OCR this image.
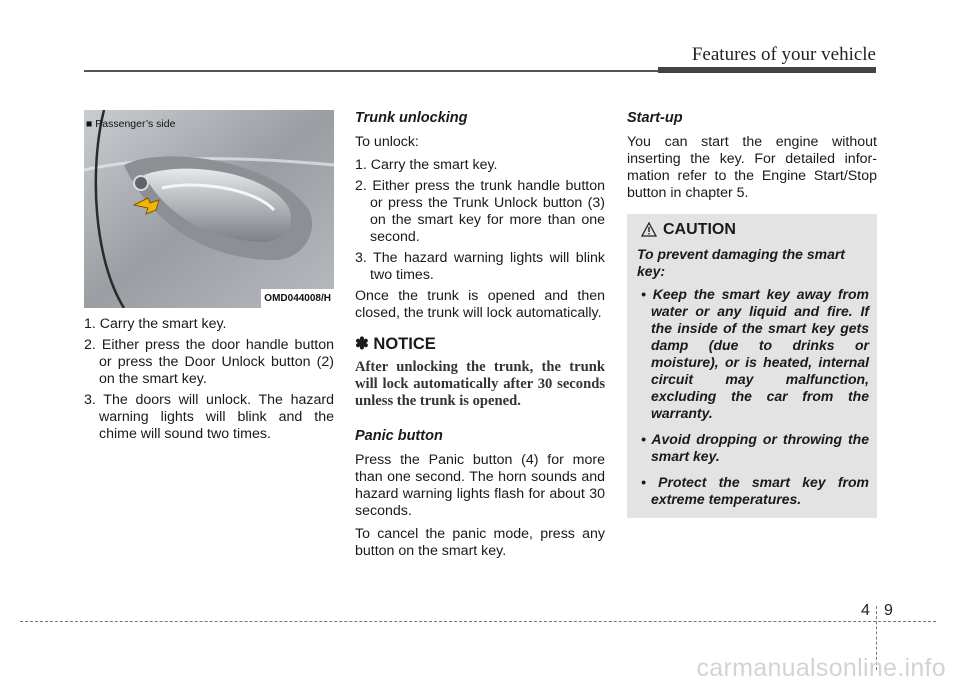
Features of your vehicle
■ Passenger’s side
OMD044008/H
1. Carry the smart key.
2. Either press the door handle button or press the Door Unlock button (2) on the smart key.
3. The doors will unlock. The hazard warning lights will blink and the chime will sound two times.
Trunk unlocking

To unlock:

1. Carry the smart key.
2. Either press the trunk handle button or press the Trunk Unlock button (3) on the smart key for more than one second.
3. The hazard warning lights will blink two times.

Once the trunk is opened and then closed, the trunk will lock automatically.

✽ NOTICE
After unlocking the trunk, the trunk will lock automatically after 30 seconds unless the trunk is opened.
Panic button

Press the Panic button (4) for more than one second. The horn sounds and hazard warning lights flash for about 30 seconds.

To cancel the panic mode, press any button on the smart key.

Start-up

You can start the engine without inserting the key. For detailed information refer to the Engine Start/Stop button in chapter 5.

CAUTION
To prevent damaging the smart key:
• Keep the smart key away from water or any liquid and fire. If the inside of the smart key gets damp (due to drinks or moisture), or is heated, internal circuit may malfunction, excluding the car from the warranty.
• Avoid dropping or throwing the smart key.
• Protect the smart key from extreme temperatures.
4 9
carmanualsonline.info
